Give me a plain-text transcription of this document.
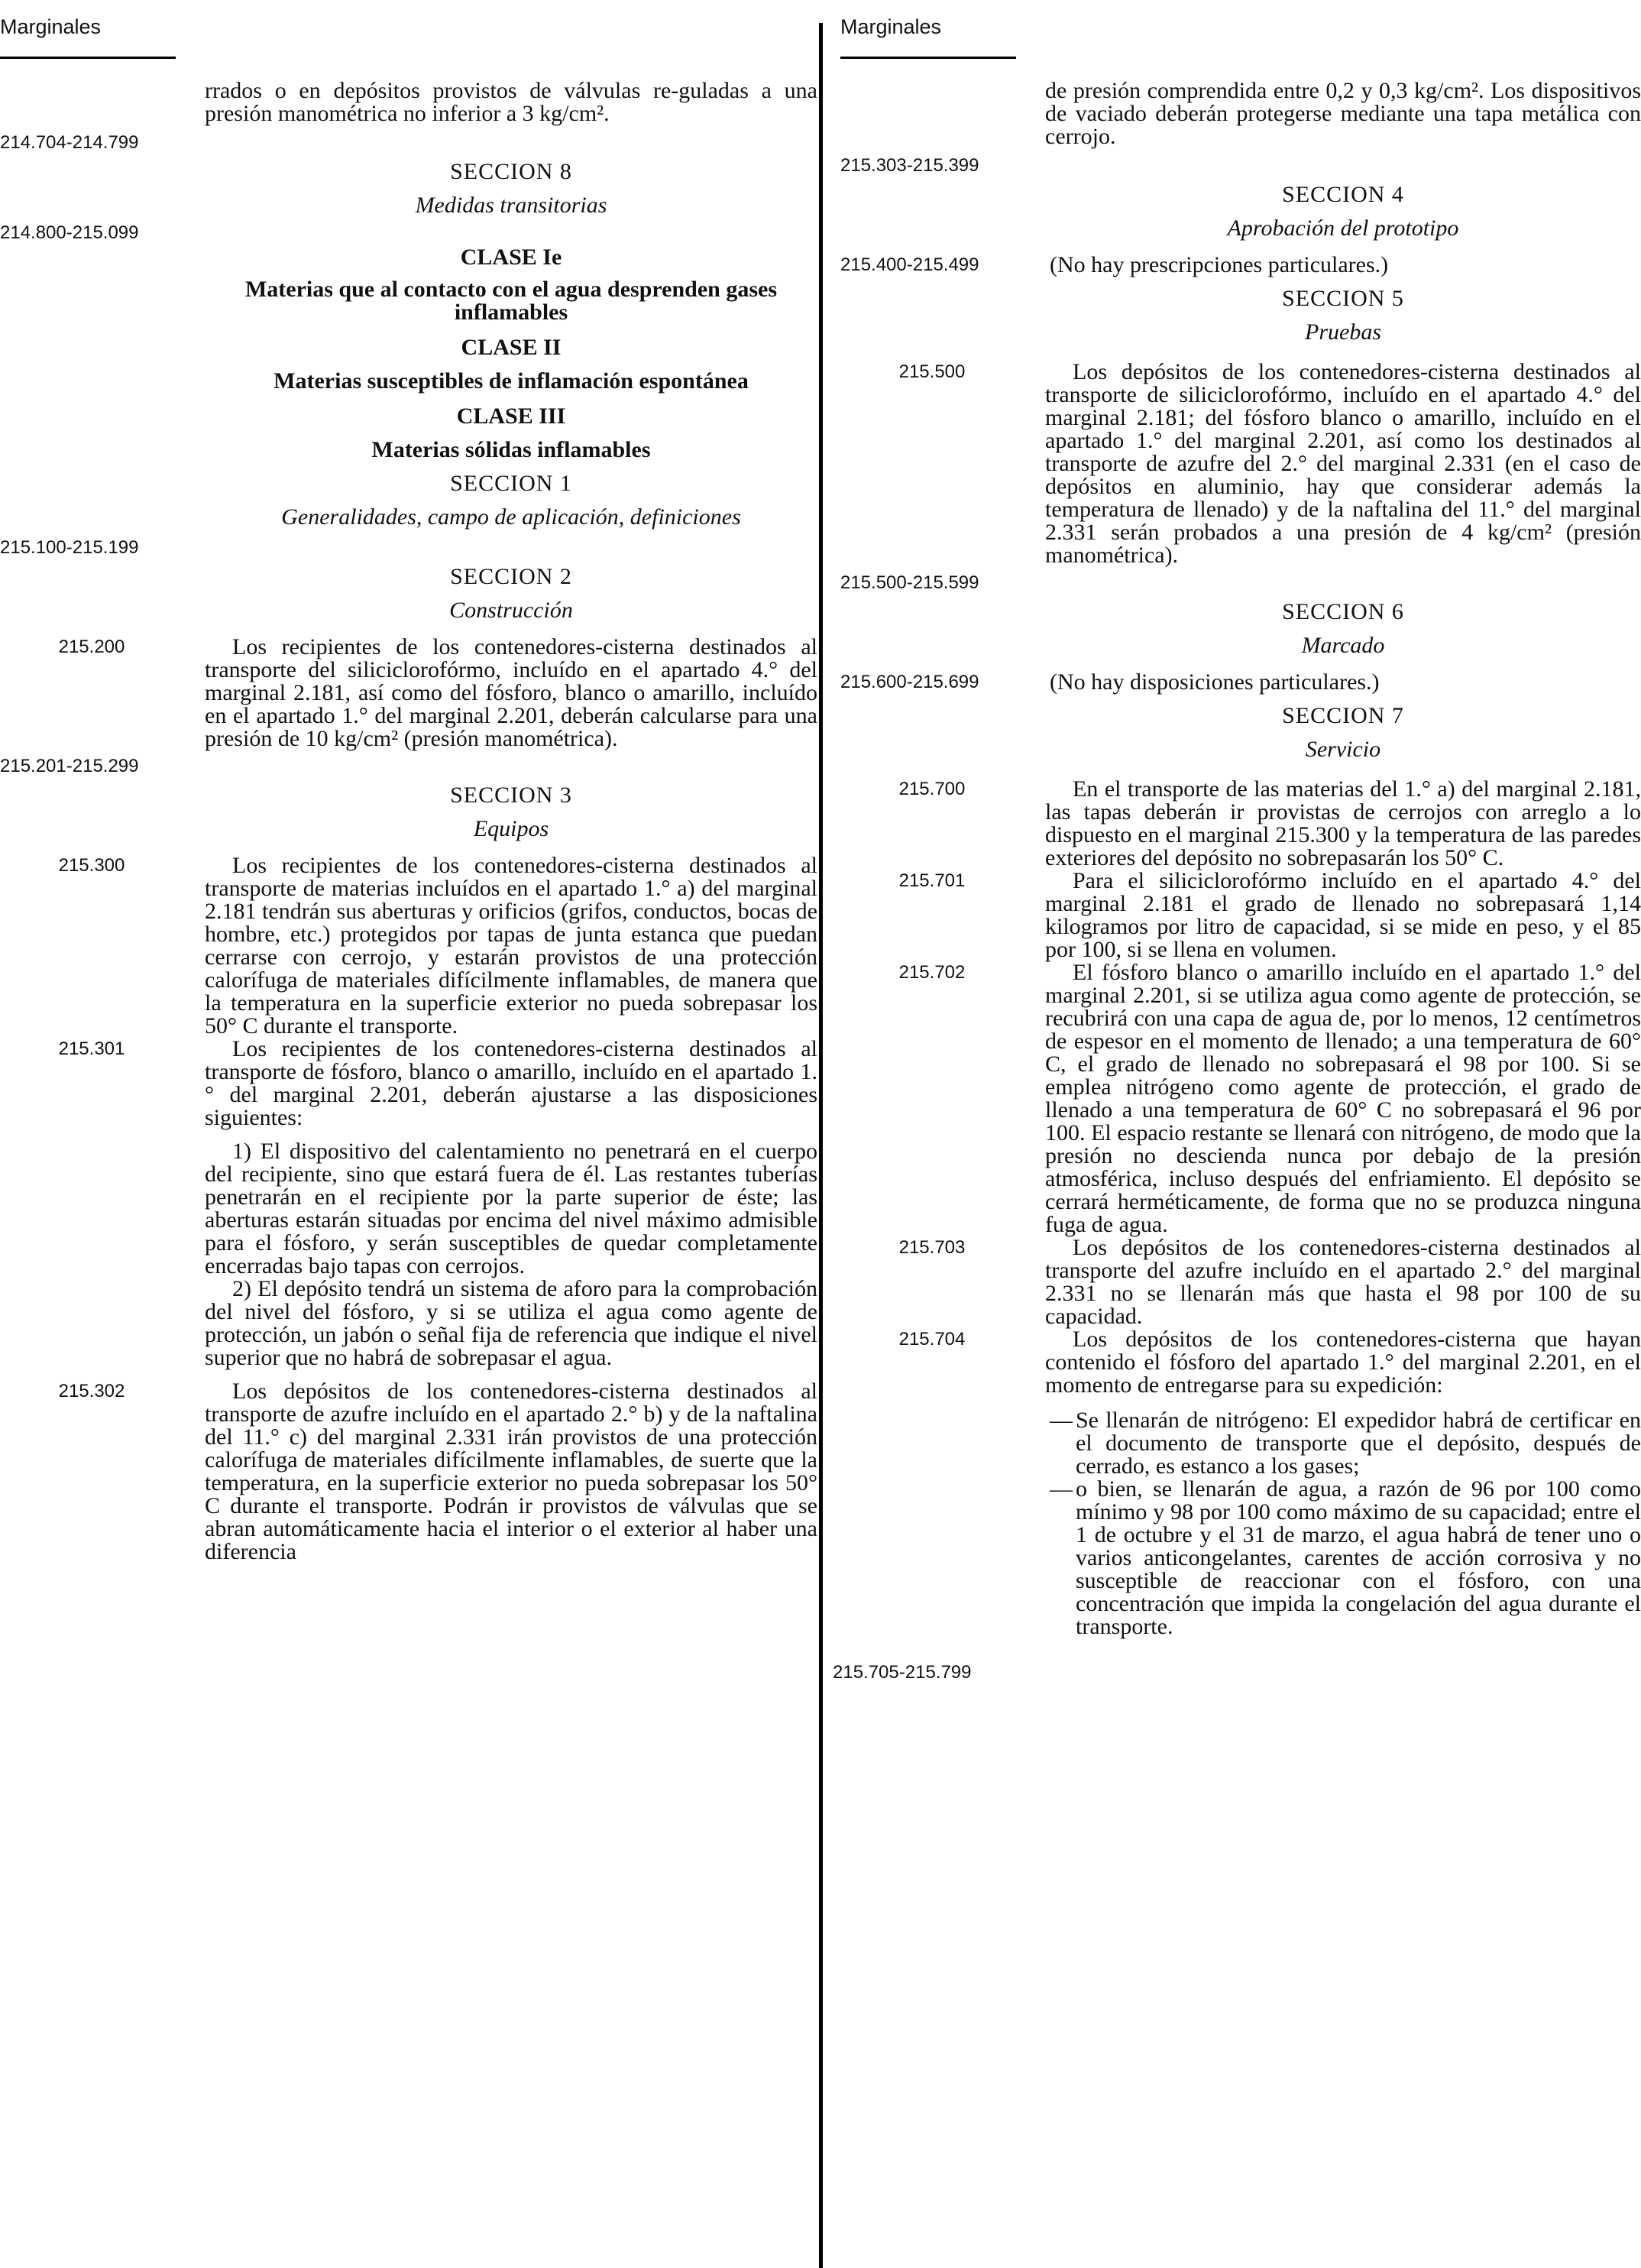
Marginales
rrados o en depósitos provistos de válvulas re-guladas a una presión manométrica no inferior a 3 kg/cm².
214.704-214.799
SECCION 8
Medidas transitorias
214.800-215.099
CLASE Ie
Materias que al contacto con el agua desprenden gases inflamables
CLASE II
Materias susceptibles de inflamación espontánea
CLASE III
Materias sólidas inflamables
SECCION 1
Generalidades, campo de aplicación, definiciones
215.100-215.199
SECCION 2
Construcción
215.200	Los recipientes de los contenedores-cisterna destinados al transporte del siliciclorofórmo, incluído en el apartado 4.° del marginal 2.181, así como del fósforo, blanco o amarillo, incluído en el apartado 1.° del marginal 2.201, deberán calcularse para una presión de 10 kg/cm² (presión manométrica).
215.201-215.299
SECCION 3
Equipos
215.300	Los recipientes de los contenedores-cisterna destinados al transporte de materias incluídos en el apartado 1.° a) del marginal 2.181 tendrán sus aberturas y orificios (grifos, conductos, bocas de hombre, etc.) protegidos por tapas de junta estanca que puedan cerrarse con cerrojo, y estarán provistos de una protección calorífuga de materiales difícilmente inflamables, de manera que la temperatura en la superficie exterior no pueda sobrepasar los 50° C durante el transporte.
215.301	Los recipientes de los contenedores-cisterna destinados al transporte de fósforo, blanco o amarillo, incluído en el apartado 1.° del marginal 2.201, deberán ajustarse a las disposiciones siguientes:
1) El dispositivo del calentamiento no penetrará en el cuerpo del recipiente, sino que estará fuera de él. Las restantes tuberías penetrarán en el recipiente por la parte superior de éste; las aberturas estarán situadas por encima del nivel máximo admisible para el fósforo, y serán susceptibles de quedar completamente encerradas bajo tapas con cerrojos.
2) El depósito tendrá un sistema de aforo para la comprobación del nivel del fósforo, y si se utiliza el agua como agente de protección, un jabón o señal fija de referencia que indique el nivel superior que no habrá de sobrepasar el agua.
215.302	Los depósitos de los contenedores-cisterna destinados al transporte de azufre incluído en el apartado 2.° b) y de la naftalina del 11.° c) del marginal 2.331 irán provistos de una protección calorífuga de materiales difícilmente inflamables, de suerte que la temperatura, en la superficie exterior no pueda sobrepasar los 50° C durante el transporte. Podrán ir provistos de válvulas que se abran automáticamente hacia el interior o el exterior al haber una diferencia
Marginales
de presión comprendida entre 0,2 y 0,3 kg/cm². Los dispositivos de vaciado deberán protegerse mediante una tapa metálica con cerrojo.
215.303-215.399
SECCION 4
Aprobación del prototipo
215.400-215.499	(No hay prescripciones particulares.)
SECCION 5
Pruebas
215.500	Los depósitos de los contenedores-cisterna destinados al transporte de siliciclorofórmo, incluído en el apartado 4.° del marginal 2.181; del fósforo blanco o amarillo, incluído en el apartado 1.° del marginal 2.201, así como los destinados al transporte de azufre del 2.° del marginal 2.331 (en el caso de depósitos en aluminio, hay que considerar además la temperatura de llenado) y de la naftalina del 11.° del marginal 2.331 serán probados a una presión de 4 kg/cm² (presión manométrica).
215.500-215.599
SECCION 6
Marcado
215.600-215.699	(No hay disposiciones particulares.)
SECCION 7
Servicio
215.700	En el transporte de las materias del 1.° a) del marginal 2.181, las tapas deberán ir provistas de cerrojos con arreglo a lo dispuesto en el marginal 215.300 y la temperatura de las paredes exteriores del depósito no sobrepasarán los 50° C.
215.701	Para el siliciclorofórmo incluído en el apartado 4.° del marginal 2.181 el grado de llenado no sobrepasará 1,14 kilogramos por litro de capacidad, si se mide en peso, y el 85 por 100, si se llena en volumen.
215.702	El fósforo blanco o amarillo incluído en el apartado 1.° del marginal 2.201, si se utiliza agua como agente de protección, se recubrirá con una capa de agua de, por lo menos, 12 centímetros de espesor en el momento de llenado; a una temperatura de 60° C, el grado de llenado no sobrepasará el 98 por 100. Si se emplea nitrógeno como agente de protección, el grado de llenado a una temperatura de 60° C no sobrepasará el 96 por 100. El espacio restante se llenará con nitrógeno, de modo que la presión no descienda nunca por debajo de la presión atmosférica, incluso después del enfriamiento. El depósito se cerrará herméticamente, de forma que no se produzca ninguna fuga de agua.
215.703	Los depósitos de los contenedores-cisterna destinados al transporte del azufre incluído en el apartado 2.° del marginal 2.331 no se llenarán más que hasta el 98 por 100 de su capacidad.
215.704	Los depósitos de los contenedores-cisterna que hayan contenido el fósforo del apartado 1.° del marginal 2.201, en el momento de entregarse para su expedición:
— Se llenarán de nitrógeno: El expedidor habrá de certificar en el documento de transporte que el depósito, después de cerrado, es estanco a los gases;
— o bien, se llenarán de agua, a razón de 96 por 100 como mínimo y 98 por 100 como máximo de su capacidad; entre el 1 de octubre y el 31 de marzo, el agua habrá de tener uno o varios anticongelantes, carentes de acción corrosiva y no susceptible de reaccionar con el fósforo, con una concentración que impida la congelación del agua durante el transporte.
215.705-215.799
